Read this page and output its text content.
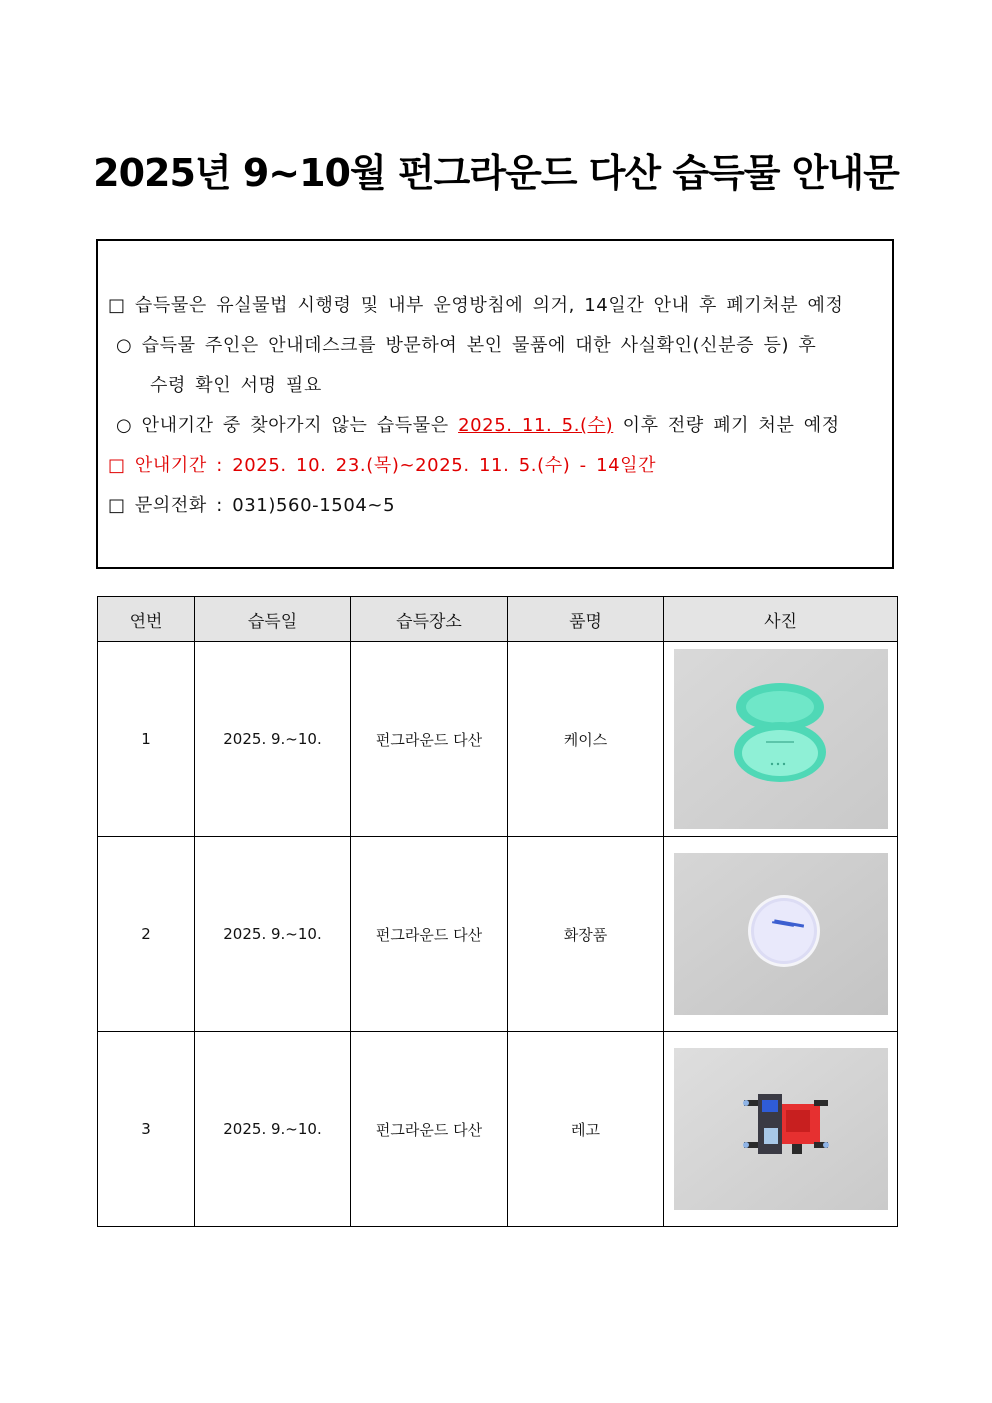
2025년 9~10월 펀그라운드 다산 습득물 안내문
□ 습득물은 유실물법 시행령 및 내부 운영방침에 의거, 14일간 안내 후 폐기처분 예정
○ 습득물 주인은 안내데스크를 방문하여 본인 물품에 대한 사실확인(신분증 등) 후
수령 확인 서명 필요
○ 안내기간 중 찾아가지 않는 습득물은 2025. 11. 5.(수) 이후 전량 폐기 처분 예정
□ 안내기간 : 2025. 10. 23.(목)~2025. 11. 5.(수) - 14일간
□ 문의전화 : 031)560-1504~5
연번	습득일	습득장소	품명	사진
1	2025. 9.~10.	펀그라운드 다산	케이스	

2	2025. 9.~10.	펀그라운드 다산	화장품	

3	2025. 9.~10.	펀그라운드 다산	레고	
